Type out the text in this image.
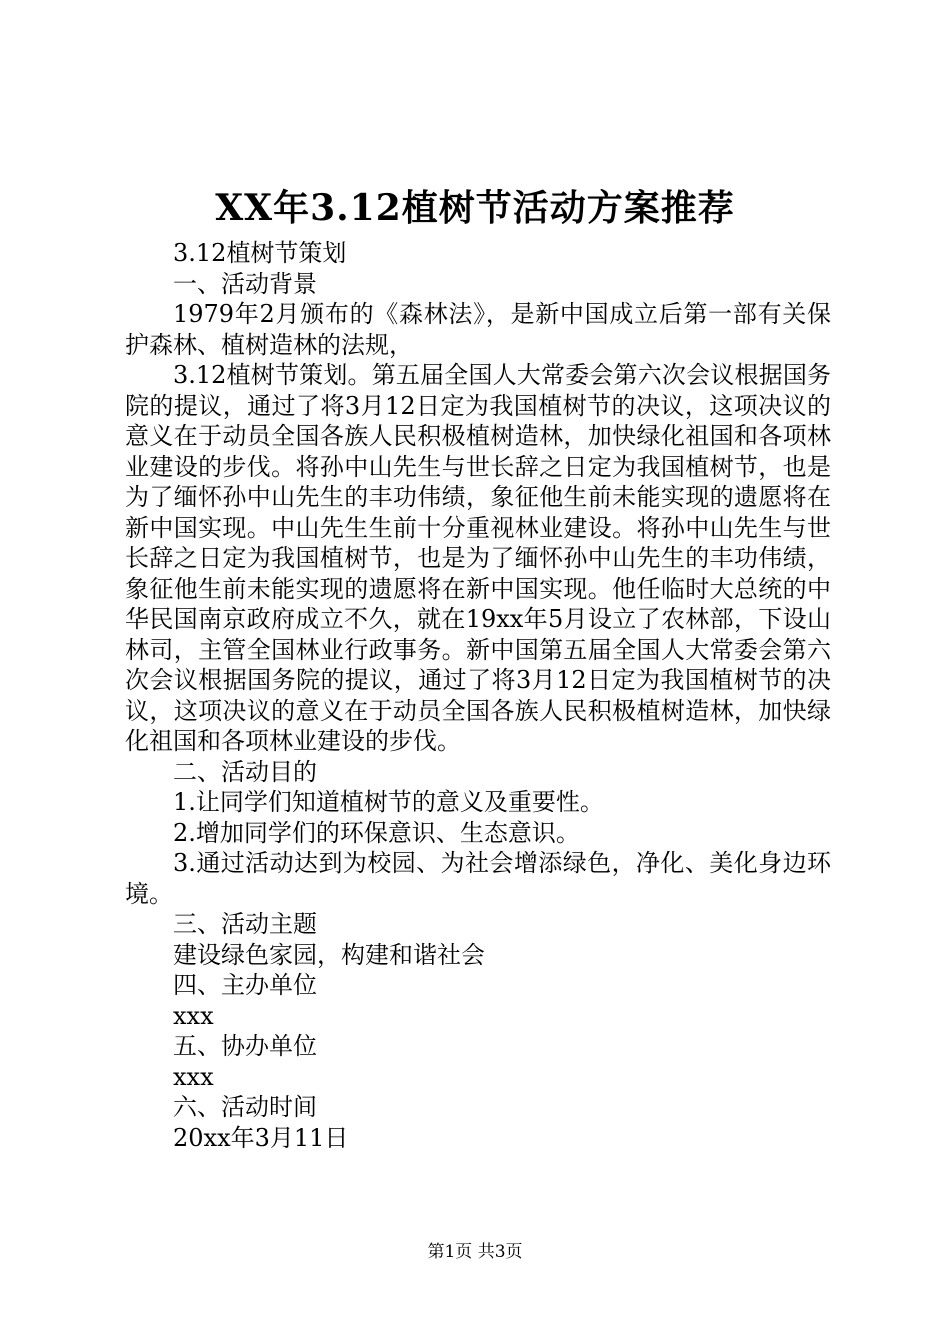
XX年3.12植树节活动方案推荐

3.12植树节策划

一、活动背景

1979年2月颁布的《森林法》，是新中国成立后第一部有关保护森林、植树造林的法规，

3.12植树节策划。第五届全国人大常委会第六次会议根据国务院的提议，通过了将3月12日定为我国植树节的决议，这项决议的意义在于动员全国各族人民积极植树造林，加快绿化祖国和各项林业建设的步伐。将孙中山先生与世长辞之日定为我国植树节，也是为了缅怀孙中山先生的丰功伟绩，象征他生前未能实现的遗愿将在新中国实现。中山先生生前十分重视林业建设。将孙中山先生与世长辞之日定为我国植树节，也是为了缅怀孙中山先生的丰功伟绩，象征他生前未能实现的遗愿将在新中国实现。他任临时大总统的中华民国南京政府成立不久，就在19xx年5月设立了农林部，下设山林司，主管全国林业行政事务。新中国第五届全国人大常委会第六次会议根据国务院的提议，通过了将3月12日定为我国植树节的决议，这项决议的意义在于动员全国各族人民积极植树造林，加快绿化祖国和各项林业建设的步伐。

二、活动目的

1.让同学们知道植树节的意义及重要性。

2.增加同学们的环保意识、生态意识。

3.通过活动达到为校园、为社会增添绿色，净化、美化身边环境。

三、活动主题

建设绿色家园，构建和谐社会

四、主办单位

xxx

五、协办单位

xxx

六、活动时间

20xx年3月11日

第1页 共3页
